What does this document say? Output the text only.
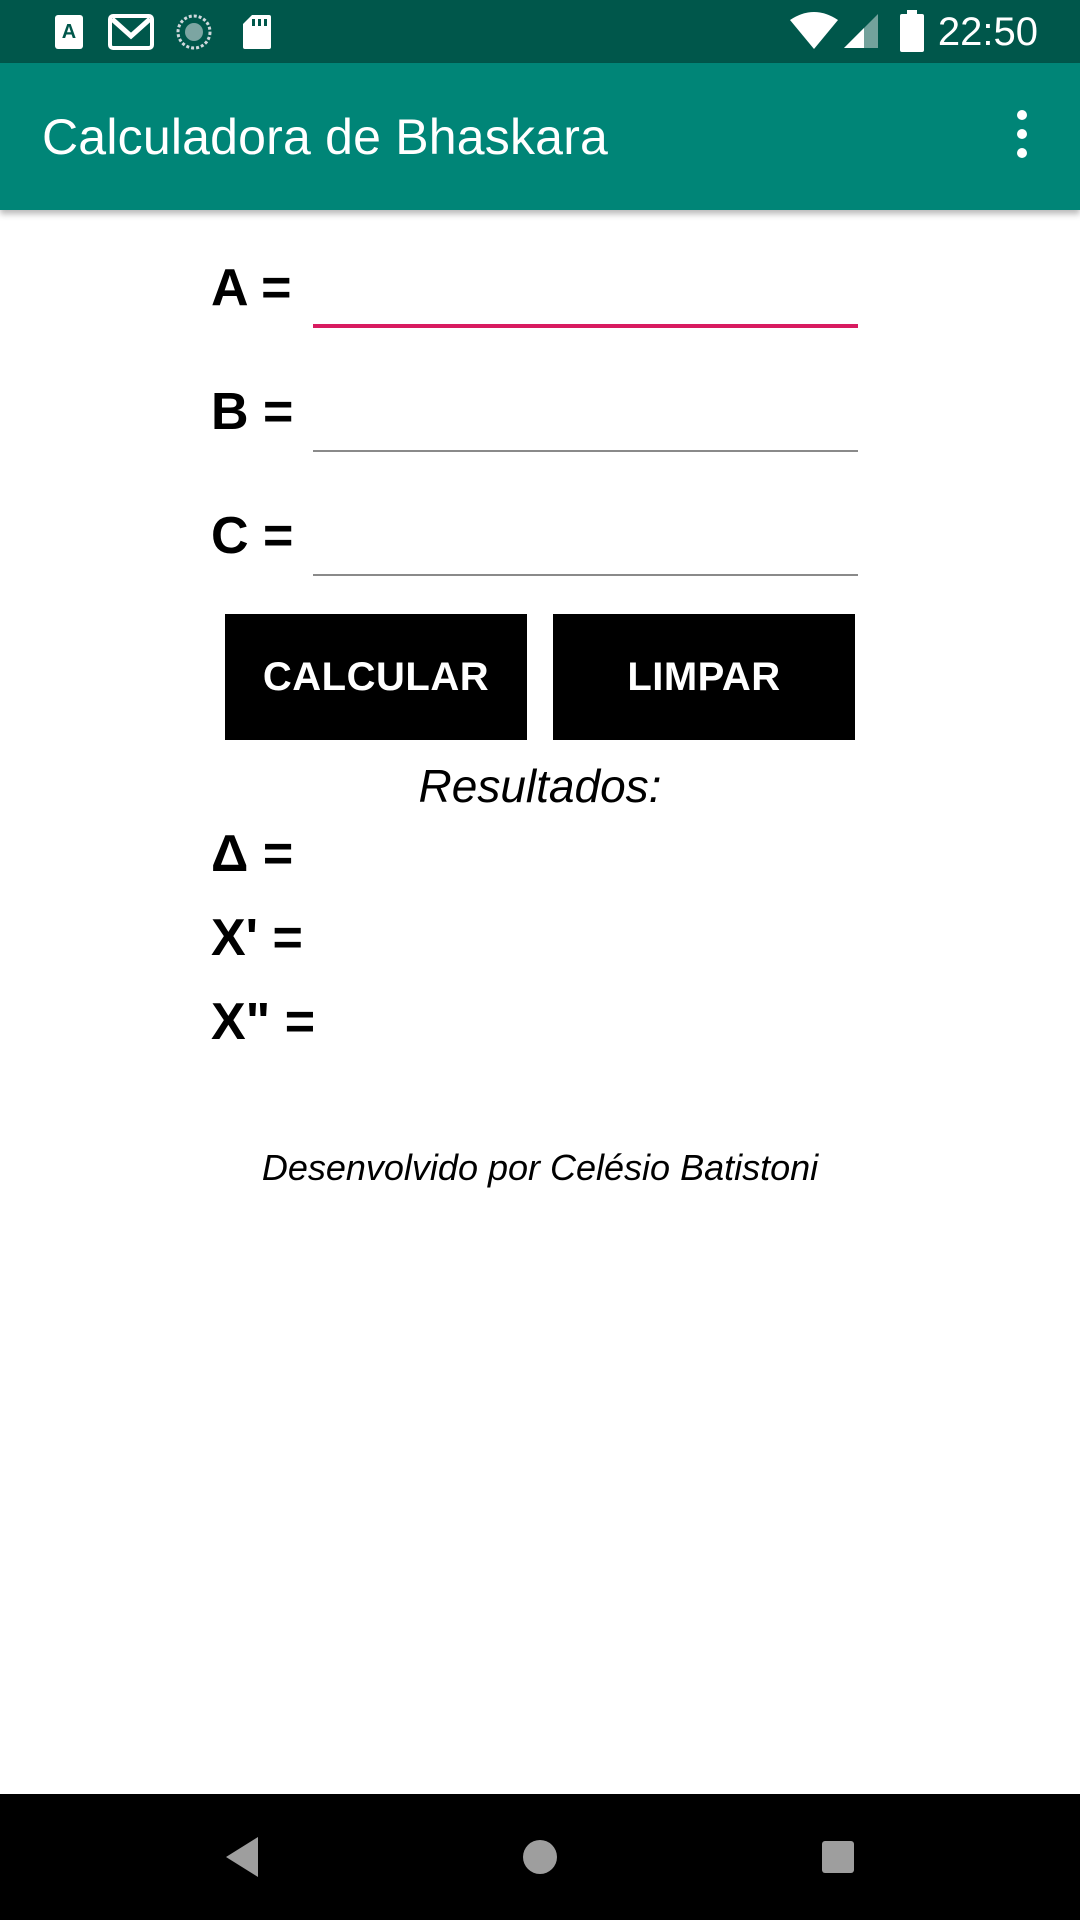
A	22:50
Calculadora de Bhaskara
A =
B =
C =
CALCULAR	LIMPAR
Resultados:
Δ =
X' =
X" =
Desenvolvido por Celésio Batistoni
